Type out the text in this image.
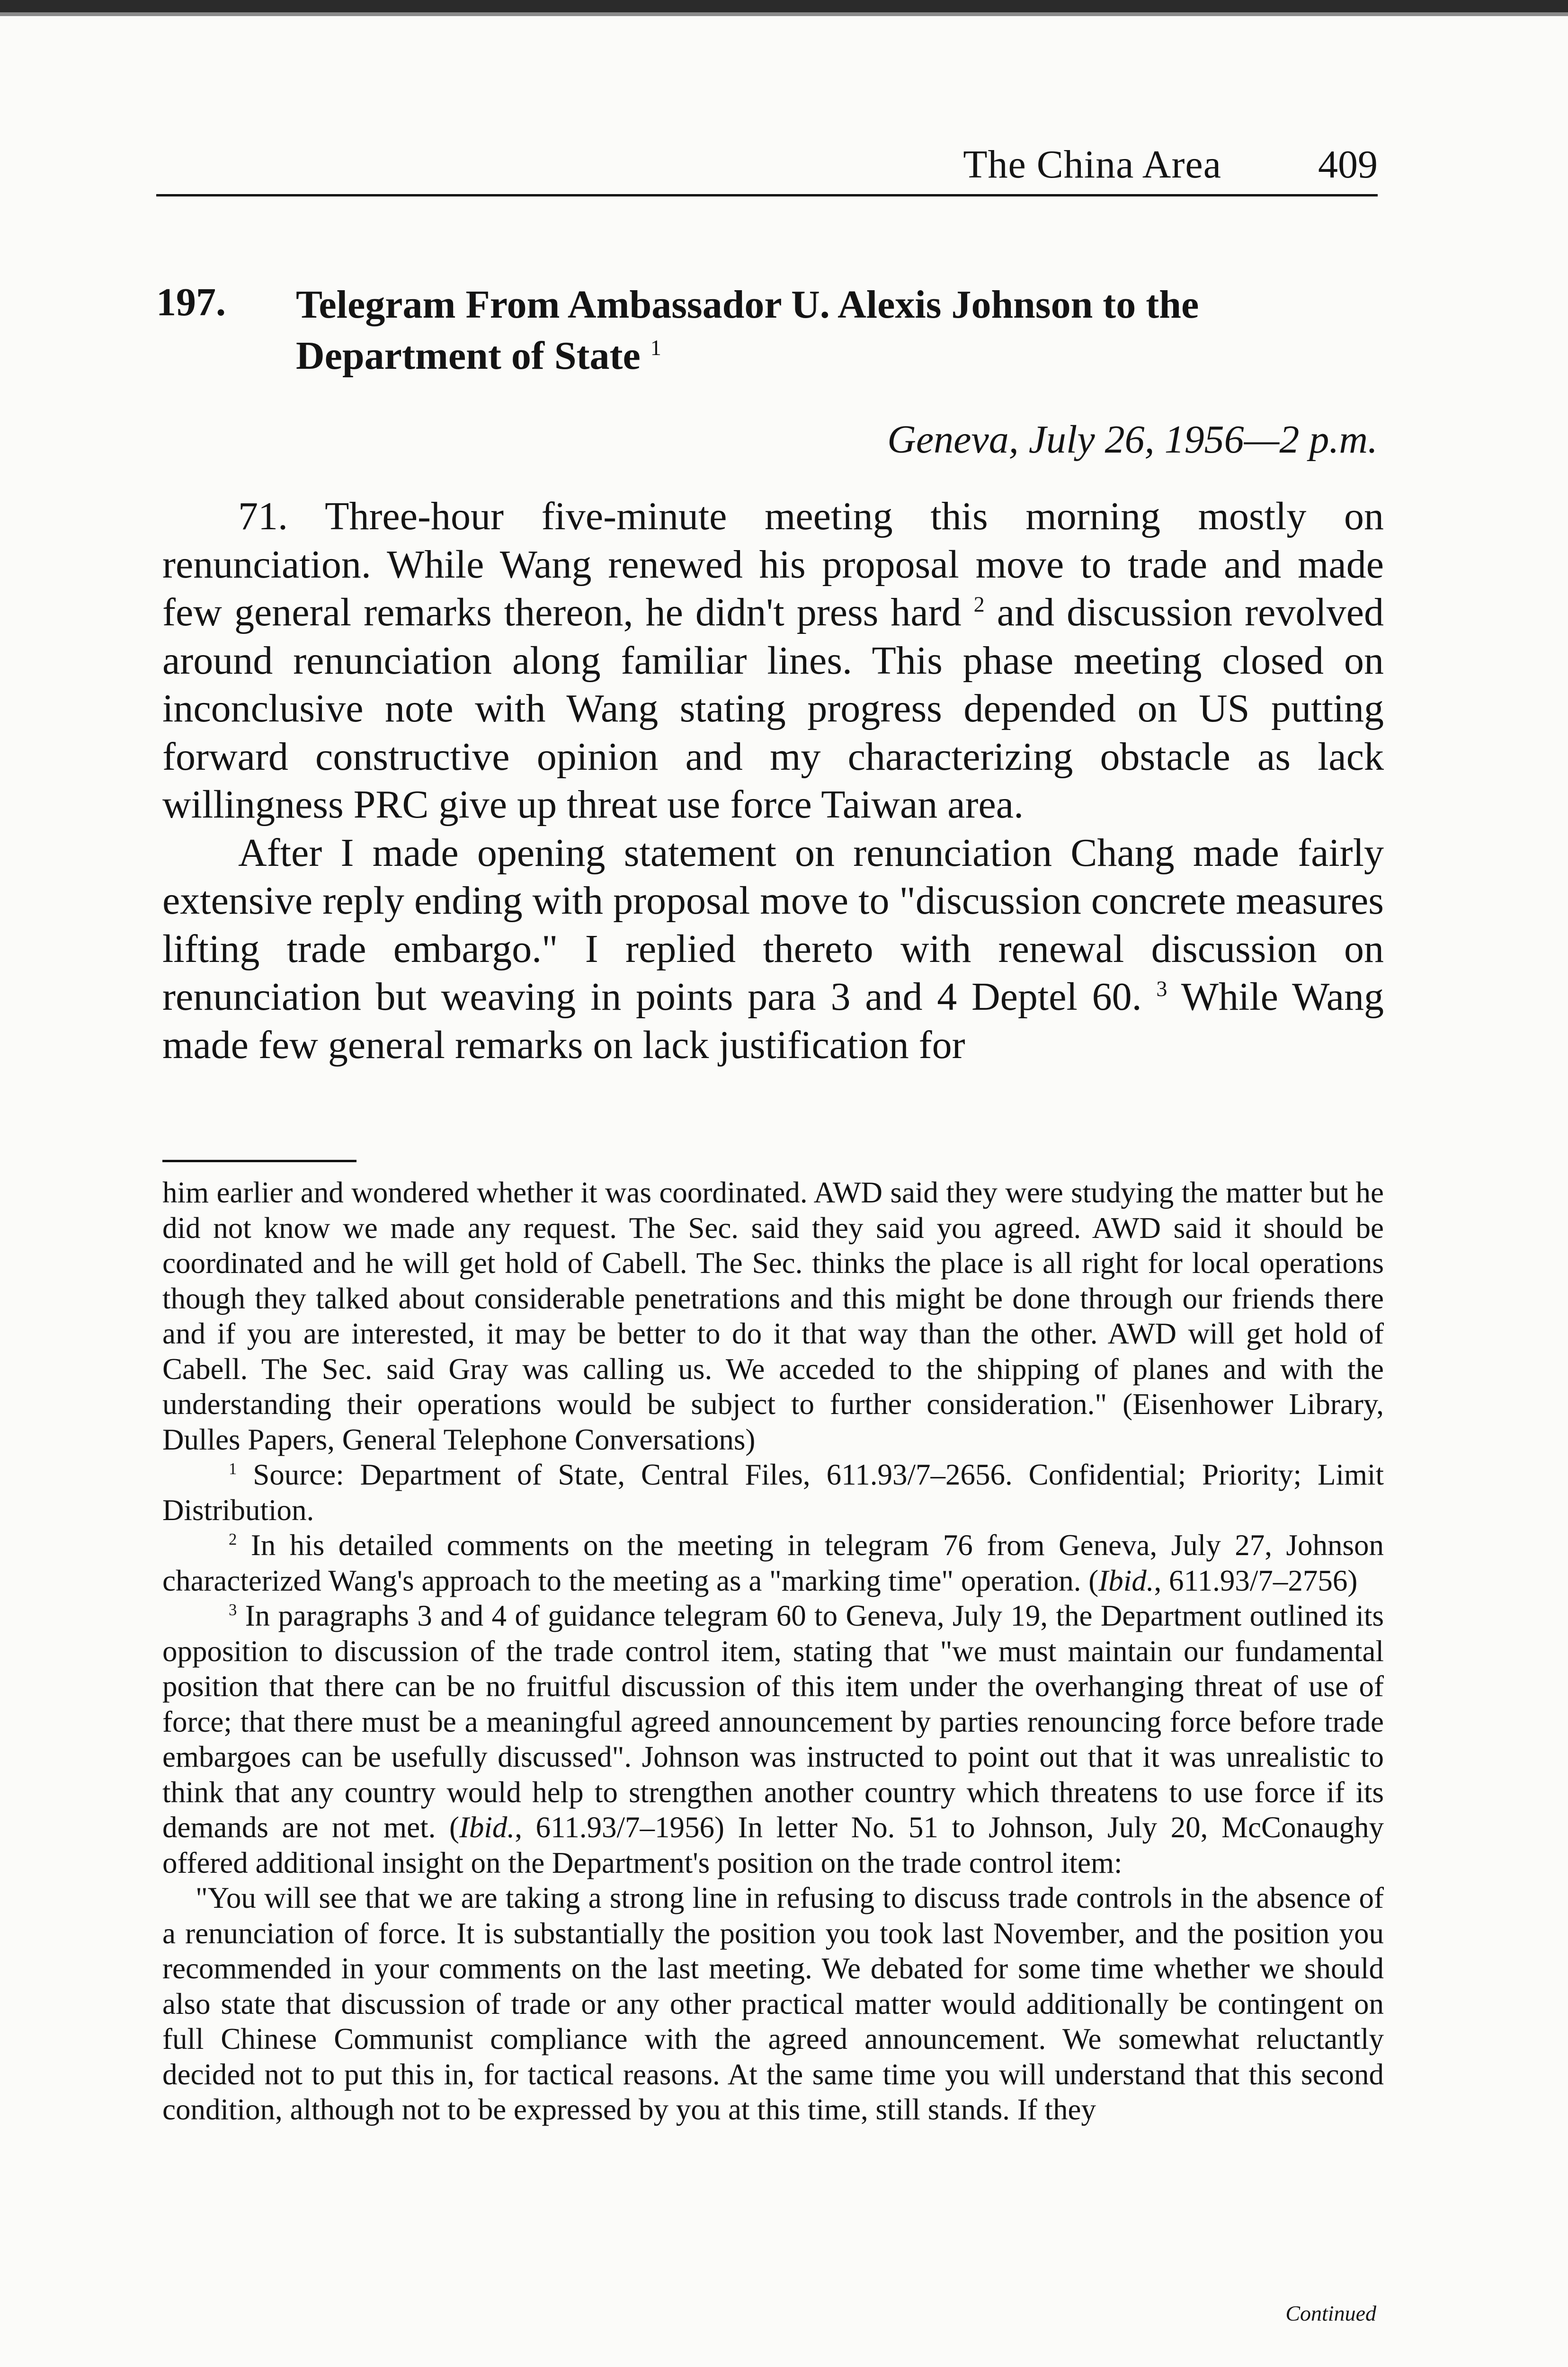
The China Area 409
197. Telegram From Ambassador U. Alexis Johnson to the Department of State $^1$
Geneva, July 26, 1956—2 p.m.

71. Three-hour five-minute meeting this morning mostly on renunciation. While Wang renewed his proposal move to trade and made few general remarks thereon, he didn't press hard $^2$ and discussion revolved around renunciation along familiar lines. This phase meeting closed on inconclusive note with Wang stating progress depended on US putting forward constructive opinion and my characterizing obstacle as lack willingness PRC give up threat use force Taiwan area.

After I made opening statement on renunciation Chang made fairly extensive reply ending with proposal move to "discussion concrete measures lifting trade embargo." I replied thereto with renewal discussion on renunciation but weaving in points para 3 and 4 Deptel 60. $^3$ While Wang made few general remarks on lack justification for

him earlier and wondered whether it was coordinated. AWD said they were studying the matter but he did not know we made any request. The Sec. said they said you agreed. AWD said it should be coordinated and he will get hold of Cabell. The Sec. thinks the place is all right for local operations though they talked about considerable penetrations and this might be done through our friends there and if you are interested, it may be better to do it that way than the other. AWD will get hold of Cabell. The Sec. said Gray was calling us. We acceded to the shipping of planes and with the understanding their operations would be subject to further consideration." (Eisenhower Library, Dulles Papers, General Telephone Conversations)

$^1$ Source: Department of State, Central Files, 611.93/7–2656. Confidential; Priority; Limit Distribution.

$^2$ In his detailed comments on the meeting in telegram 76 from Geneva, July 27, Johnson characterized Wang's approach to the meeting as a "marking time" operation. (Ibid., 611.93/7–2756)

$^3$ In paragraphs 3 and 4 of guidance telegram 60 to Geneva, July 19, the Department outlined its opposition to discussion of the trade control item, stating that "we must maintain our fundamental position that there can be no fruitful discussion of this item under the overhanging threat of use of force; that there must be a meaningful agreed announcement by parties renouncing force before trade embargoes can be usefully discussed". Johnson was instructed to point out that it was unrealistic to think that any country would help to strengthen another country which threatens to use force if its demands are not met. (Ibid., 611.93/7–1956) In letter No. 51 to Johnson, July 20, McConaughy offered additional insight on the Department's position on the trade control item:

"You will see that we are taking a strong line in refusing to discuss trade controls in the absence of a renunciation of force. It is substantially the position you took last November, and the position you recommended in your comments on the last meeting. We debated for some time whether we should also state that discussion of trade or any other practical matter would additionally be contingent on full Chinese Communist compliance with the agreed announcement. We somewhat reluctantly decided not to put this in, for tactical reasons. At the same time you will understand that this second condition, although not to be expressed by you at this time, still stands. If they

Continued
